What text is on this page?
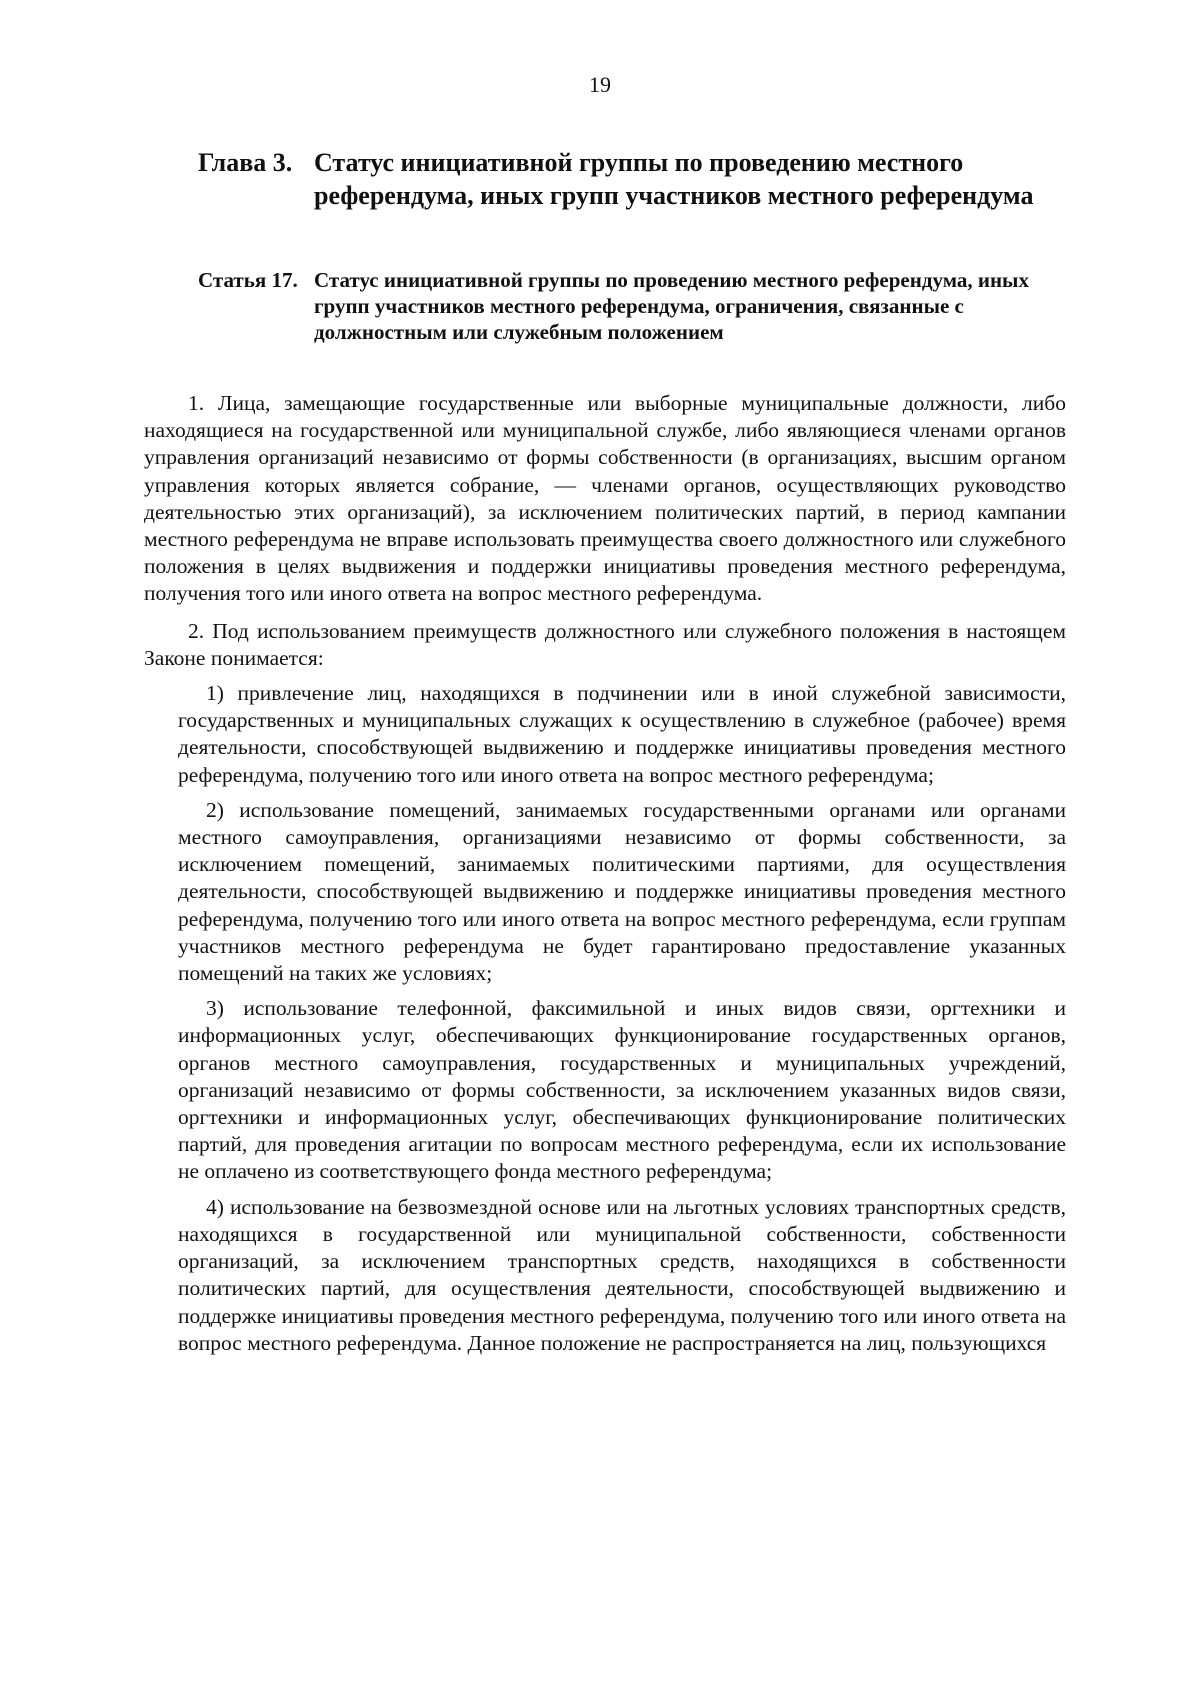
19
Глава 3. Статус инициативной группы по проведению местного референдума, иных групп участников местного референдума
Статья 17. Статус инициативной группы по проведению местного референдума, иных групп участников местного референдума, ограничения, связанные с должностным или служебным положением

1. Лица, замещающие государственные или выборные муниципальные должности, либо находящиеся на государственной или муниципальной службе, либо являющиеся членами органов управления организаций независимо от формы собственности (в организациях, высшим органом управления которых является собрание, — членами органов, осуществляющих руководство деятельностью этих организаций), за исключением политических партий, в период кампании местного референдума не вправе использовать преимущества своего должностного или служебного положения в целях выдвижения и поддержки инициативы проведения местного референдума, получения того или иного ответа на вопрос местного референдума.

2. Под использованием преимуществ должностного или служебного положения в настоящем Законе понимается:

1) привлечение лиц, находящихся в подчинении или в иной служебной зависимости, государственных и муниципальных служащих к осуществлению в служебное (рабочее) время деятельности, способствующей выдвижению и поддержке инициативы проведения местного референдума, получению того или иного ответа на вопрос местного референдума;

2) использование помещений, занимаемых государственными органами или органами местного самоуправления, организациями независимо от формы собственности, за исключением помещений, занимаемых политическими партиями, для осуществления деятельности, способствующей выдвижению и поддержке инициативы проведения местного референдума, получению того или иного ответа на вопрос местного референдума, если группам участников местного референдума не будет гарантировано предоставление указанных помещений на таких же условиях;

3) использование телефонной, факсимильной и иных видов связи, оргтехники и информационных услуг, обеспечивающих функционирование государственных органов, органов местного самоуправления, государственных и муниципальных учреждений, организаций независимо от формы собственности, за исключением указанных видов связи, оргтехники и информационных услуг, обеспечивающих функционирование политических партий, для проведения агитации по вопросам местного референдума, если их использование не оплачено из соответствующего фонда местного референдума;

4) использование на безвозмездной основе или на льготных условиях транспортных средств, находящихся в государственной или муниципальной собственности, собственности организаций, за исключением транспортных средств, находящихся в собственности политических партий, для осуществления деятельности, способствующей выдвижению и поддержке инициативы проведения местного референдума, получению того или иного ответа на вопрос местного референдума. Данное положение не распространяется на лиц, пользующихся
